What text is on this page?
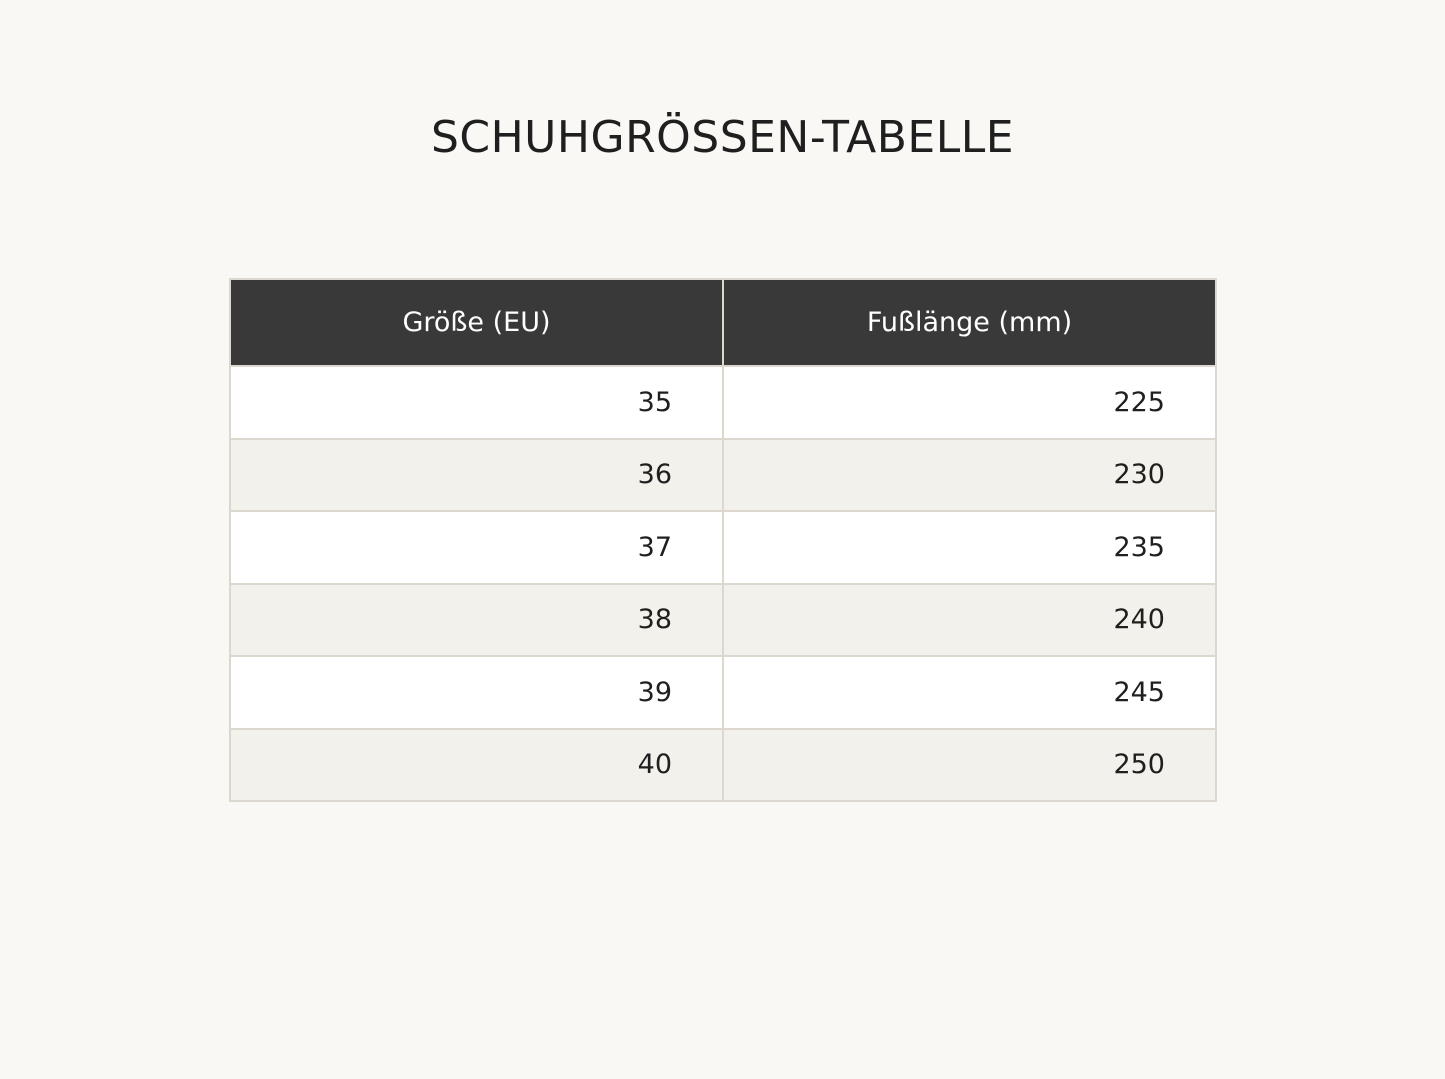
SCHUHGRÖSSEN-TABELLE
Größe (EU)	Fußlänge (mm)
35	225
36	230
37	235
38	240
39	245
40	250
